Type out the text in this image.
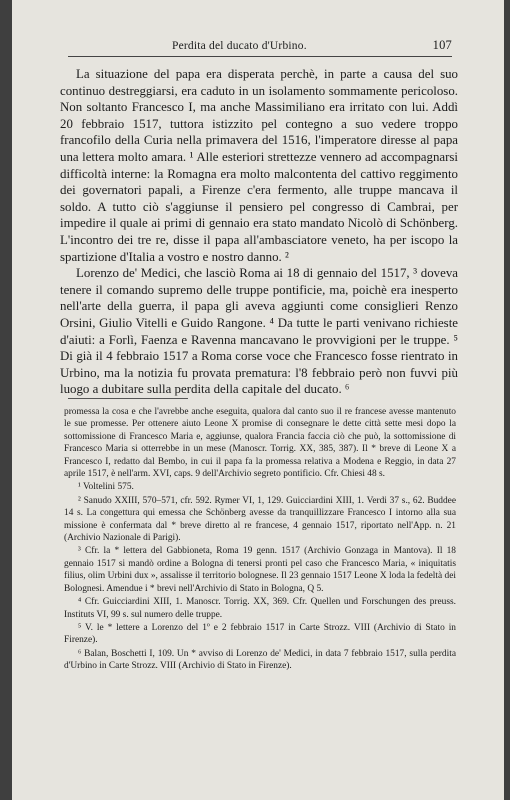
Perdita del ducato d'Urbino.	107

La situazione del papa era disperata perchè, in parte a causa del suo continuo destreggiarsi, era caduto in un isolamento sommamente pericoloso. Non soltanto Francesco I, ma anche Massimiliano era irritato con lui. Addì 20 febbraio 1517, tuttora istizzito pel contegno a suo vedere troppo francofilo della Curia nella primavera del 1516, l'imperatore diresse al papa una lettera molto amara. ¹ Alle esteriori strettezze vennero ad accompagnarsi difficoltà interne: la Romagna era molto malcontenta del cattivo reggimento dei governatori papali, a Firenze c'era fermento, alle truppe mancava il soldo. A tutto ciò s'aggiunse il pensiero pel congresso di Cambrai, per impedire il quale ai primi di gennaio era stato mandato Nicolò di Schönberg. L'incontro dei tre re, disse il papa all'ambasciatore veneto, ha per iscopo la spartizione d'Italia a vostro e nostro danno. ²

Lorenzo de' Medici, che lasciò Roma ai 18 di gennaio del 1517, ³ doveva tenere il comando supremo delle truppe pontificie, ma, poichè era inesperto nell'arte della guerra, il papa gli aveva aggiunti come consiglieri Renzo Orsini, Giulio Vitelli e Guido Rangone. ⁴ Da tutte le parti venivano richieste d'aiuti: a Forlì, Faenza e Ravenna mancavano le provvigioni per le truppe. ⁵ Di già il 4 febbraio 1517 a Roma corse voce che Francesco fosse rientrato in Urbino, ma la notizia fu provata prematura: l'8 febbraio però non fuvvi più luogo a dubitare sulla perdita della capitale del ducato. ⁶

promessa la cosa e che l'avrebbe anche eseguita, qualora dal canto suo il re francese avesse mantenuto le sue promesse. Per ottenere aiuto Leone X promise di consegnare le dette città sette mesi dopo la sottomissione di Francesco Maria e, aggiunse, qualora Francia faccia ciò che può, la sottomissione di Francesco Maria si otterrebbe in un mese (Manoscr. Torrig. XX, 385, 387). Il * breve di Leone X a Francesco I, redatto dal Bembo, in cui il papa fa la promessa relativa a Modena e Reggio, in data 27 aprile 1517, è nell'arm. XVI, caps. 9 dell'Archivio segreto pontificio. Cfr. Chiesi 48 s.

¹ Voltelini 575.

² Sanudo XXIII, 570–571, cfr. 592. Rymer VI, 1, 129. Guicciardini XIII, 1. Verdi 37 s., 62. Buddee 14 s. La congettura qui emessa che Schönberg avesse da tranquillizzare Francesco I intorno alla sua missione è confermata dal * breve diretto al re francese, 4 gennaio 1517, riportato nell'App. n. 21 (Archivio Nazionale di Parigi).

³ Cfr. la * lettera del Gabbioneta, Roma 19 genn. 1517 (Archivio Gonzaga in Mantova). Il 18 gennaio 1517 si mandò ordine a Bologna di tenersi pronti pel caso che Francesco Maria, « iniquitatis filius, olim Urbini dux », assalisse il territorio bolognese. Il 23 gennaio 1517 Leone X loda la fedeltà dei Bolognesi. Amendue i * brevi nell'Archivio di Stato in Bologna, Q 5.

⁴ Cfr. Guicciardini XIII, 1. Manoscr. Torrig. XX, 369. Cfr. Quellen und Forschungen des preuss. Instituts VI, 99 s. sul numero delle truppe.

⁵ V. le * lettere a Lorenzo del 1º e 2 febbraio 1517 in Carte Strozz. VIII (Archivio di Stato in Firenze).

⁶ Balan, Boschetti I, 109. Un * avviso di Lorenzo de' Medici, in data 7 febbraio 1517, sulla perdita d'Urbino in Carte Strozz. VIII (Archivio di Stato in Firenze).
